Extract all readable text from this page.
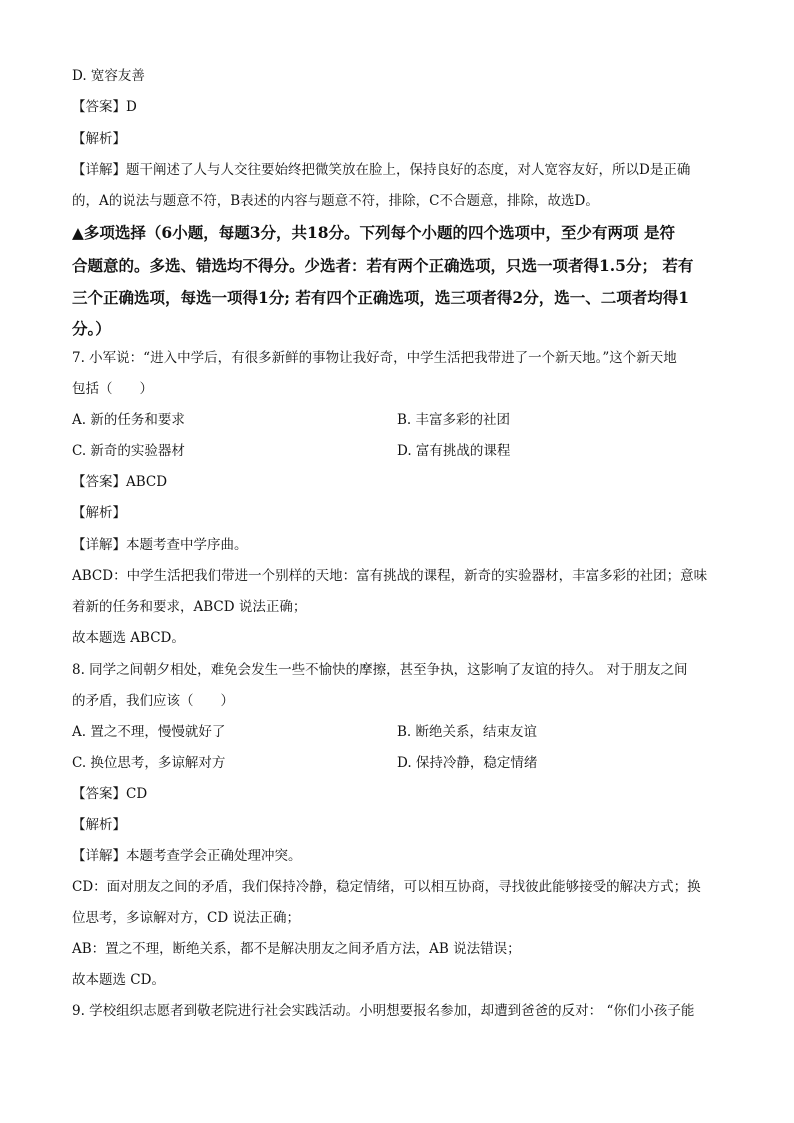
D. 宽容友善
【答案】D
【解析】
【详解】题干阐述了人与人交往要始终把微笑放在脸上，保持良好的态度，对人宽容友好，所以D是正确
的，A的说法与题意不符，B表述的内容与题意不符，排除，C不合题意，排除，故选D。
▲多项选择（6小题，每题3分，共18分。下列每个小题的四个选项中，至少有两项 是符
合题意的。多选、错选均不得分。少选者：若有两个正确选项，只选一项者得1.5分； 若有
三个正确选项，每选一项得1分; 若有四个正确选项，选三项者得2分，选一、二项者均得1
分。）
7. 小军说：“进入中学后，有很多新鲜的事物让我好奇，中学生活把我带进了一个新天地。”这个新天地
包括（　　）
A. 新的任务和要求	B. 丰富多彩的社团
C. 新奇的实验器材	D. 富有挑战的课程
【答案】ABCD
【解析】
【详解】本题考查中学序曲。
ABCD：中学生活把我们带进一个别样的天地：富有挑战的课程，新奇的实验器材，丰富多彩的社团；意味
着新的任务和要求，ABCD 说法正确；
故本题选 ABCD。
8. 同学之间朝夕相处，难免会发生一些不愉快的摩擦，甚至争执，这影响了友谊的持久。 对于朋友之间
的矛盾，我们应该（　　）
A. 置之不理，慢慢就好了	B. 断绝关系，结束友谊
C. 换位思考，多谅解对方	D. 保持冷静，稳定情绪
【答案】CD
【解析】
【详解】本题考查学会正确处理冲突。
CD：面对朋友之间的矛盾，我们保持冷静，稳定情绪，可以相互协商，寻找彼此能够接受的解决方式；换
位思考，多谅解对方，CD 说法正确；
AB：置之不理，断绝关系，都不是解决朋友之间矛盾方法，AB 说法错误；
故本题选 CD。
9. 学校组织志愿者到敬老院进行社会实践活动。小明想要报名参加，却遭到爸爸的反对： “你们小孩子能
